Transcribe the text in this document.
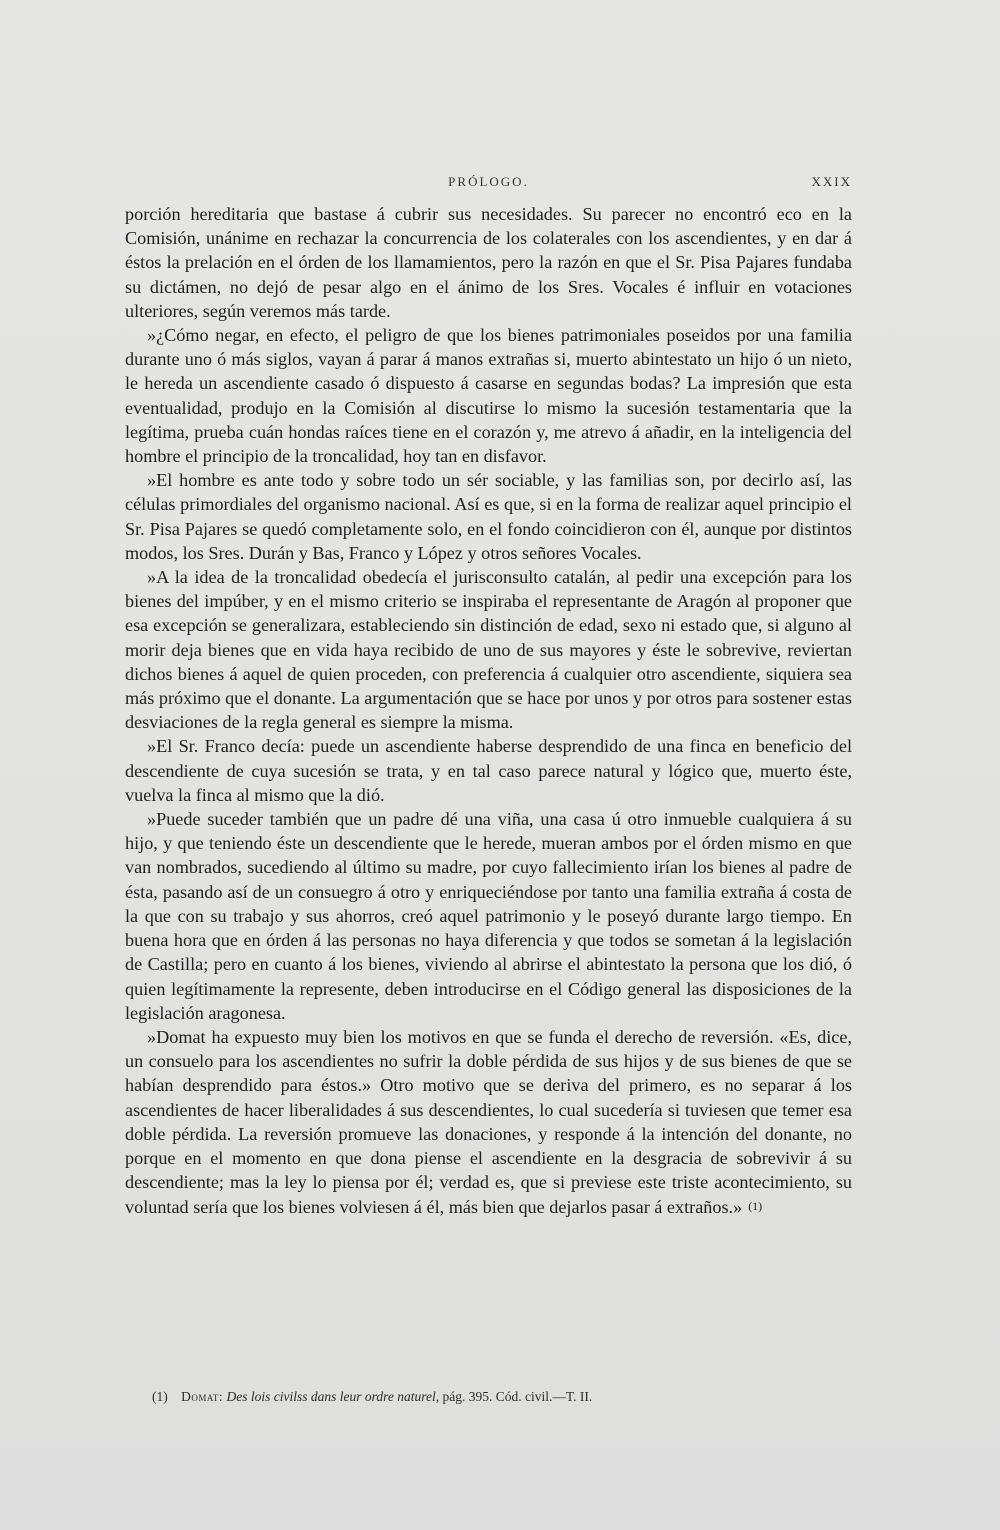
PRÓLOGO.	XXIX

porción hereditaria que bastase á cubrir sus necesidades. Su parecer no encontró eco en la Comisión, unánime en rechazar la concurrencia de los colaterales con los ascendientes, y en dar á éstos la prelación en el órden de los llamamientos, pero la razón en que el Sr. Pisa Pajares fundaba su dictámen, no dejó de pesar algo en el ánimo de los Sres. Vocales é influir en votaciones ulteriores, según veremos más tarde.

»¿Cómo negar, en efecto, el peligro de que los bienes patrimoniales poseidos por una familia durante uno ó más siglos, vayan á parar á manos extrañas si, muerto abintestato un hijo ó un nieto, le hereda un ascendiente casado ó dispuesto á casarse en segundas bodas? La impresión que esta eventualidad, produjo en la Comisión al discutirse lo mismo la sucesión testamentaria que la legítima, prueba cuán hondas raíces tiene en el corazón y, me atrevo á añadir, en la inteligencia del hombre el principio de la troncalidad, hoy tan en disfavor.

»El hombre es ante todo y sobre todo un sér sociable, y las familias son, por decirlo así, las células primordiales del organismo nacional. Así es que, si en la forma de realizar aquel principio el Sr. Pisa Pajares se quedó completamente solo, en el fondo coincidieron con él, aunque por distintos modos, los Sres. Durán y Bas, Franco y López y otros señores Vocales.

»A la idea de la troncalidad obedecía el jurisconsulto catalán, al pedir una excepción para los bienes del impúber, y en el mismo criterio se inspiraba el representante de Aragón al proponer que esa excepción se generalizara, estableciendo sin distinción de edad, sexo ni estado que, si alguno al morir deja bienes que en vida haya recibido de uno de sus mayores y éste le sobrevive, reviertan dichos bienes á aquel de quien proceden, con preferencia á cualquier otro ascendiente, siquiera sea más próximo que el donante. La argumentación que se hace por unos y por otros para sostener estas desviaciones de la regla general es siempre la misma.

»El Sr. Franco decía: puede un ascendiente haberse desprendido de una finca en beneficio del descendiente de cuya sucesión se trata, y en tal caso parece natural y lógico que, muerto éste, vuelva la finca al mismo que la dió.

»Puede suceder también que un padre dé una viña, una casa ú otro inmueble cualquiera á su hijo, y que teniendo éste un descendiente que le herede, mueran ambos por el órden mismo en que van nombrados, sucediendo al último su madre, por cuyo fallecimiento irían los bienes al padre de ésta, pasando así de un consuegro á otro y enriqueciéndose por tanto una familia extraña á costa de la que con su trabajo y sus ahorros, creó aquel patrimonio y le poseyó durante largo tiempo. En buena hora que en órden á las personas no haya diferencia y que todos se sometan á la legislación de Castilla; pero en cuanto á los bienes, viviendo al abrirse el abintestato la persona que los dió, ó quien legítimamente la represente, deben introducirse en el Código general las disposiciones de la legislación aragonesa.

»Domat ha expuesto muy bien los motivos en que se funda el derecho de reversión. «Es, dice, un consuelo para los ascendientes no sufrir la doble pérdida de sus hijos y de sus bienes de que se habían desprendido para éstos.» Otro motivo que se deriva del primero, es no separar á los ascendientes de hacer liberalidades á sus descendientes, lo cual sucedería si tuviesen que temer esa doble pérdida. La reversión promueve las donaciones, y responde á la intención del donante, no porque en el momento en que dona piense el ascendiente en la desgracia de sobrevivir á su descendiente; mas la ley lo piensa por él; verdad es, que si previese este triste acontecimiento, su voluntad sería que los bienes volviesen á él, más bien que dejarlos pasar á extraños.» (1)

(1) Domat: Des lois civilss dans leur ordre naturel, pág. 395. Cód. civil.—T. II.
